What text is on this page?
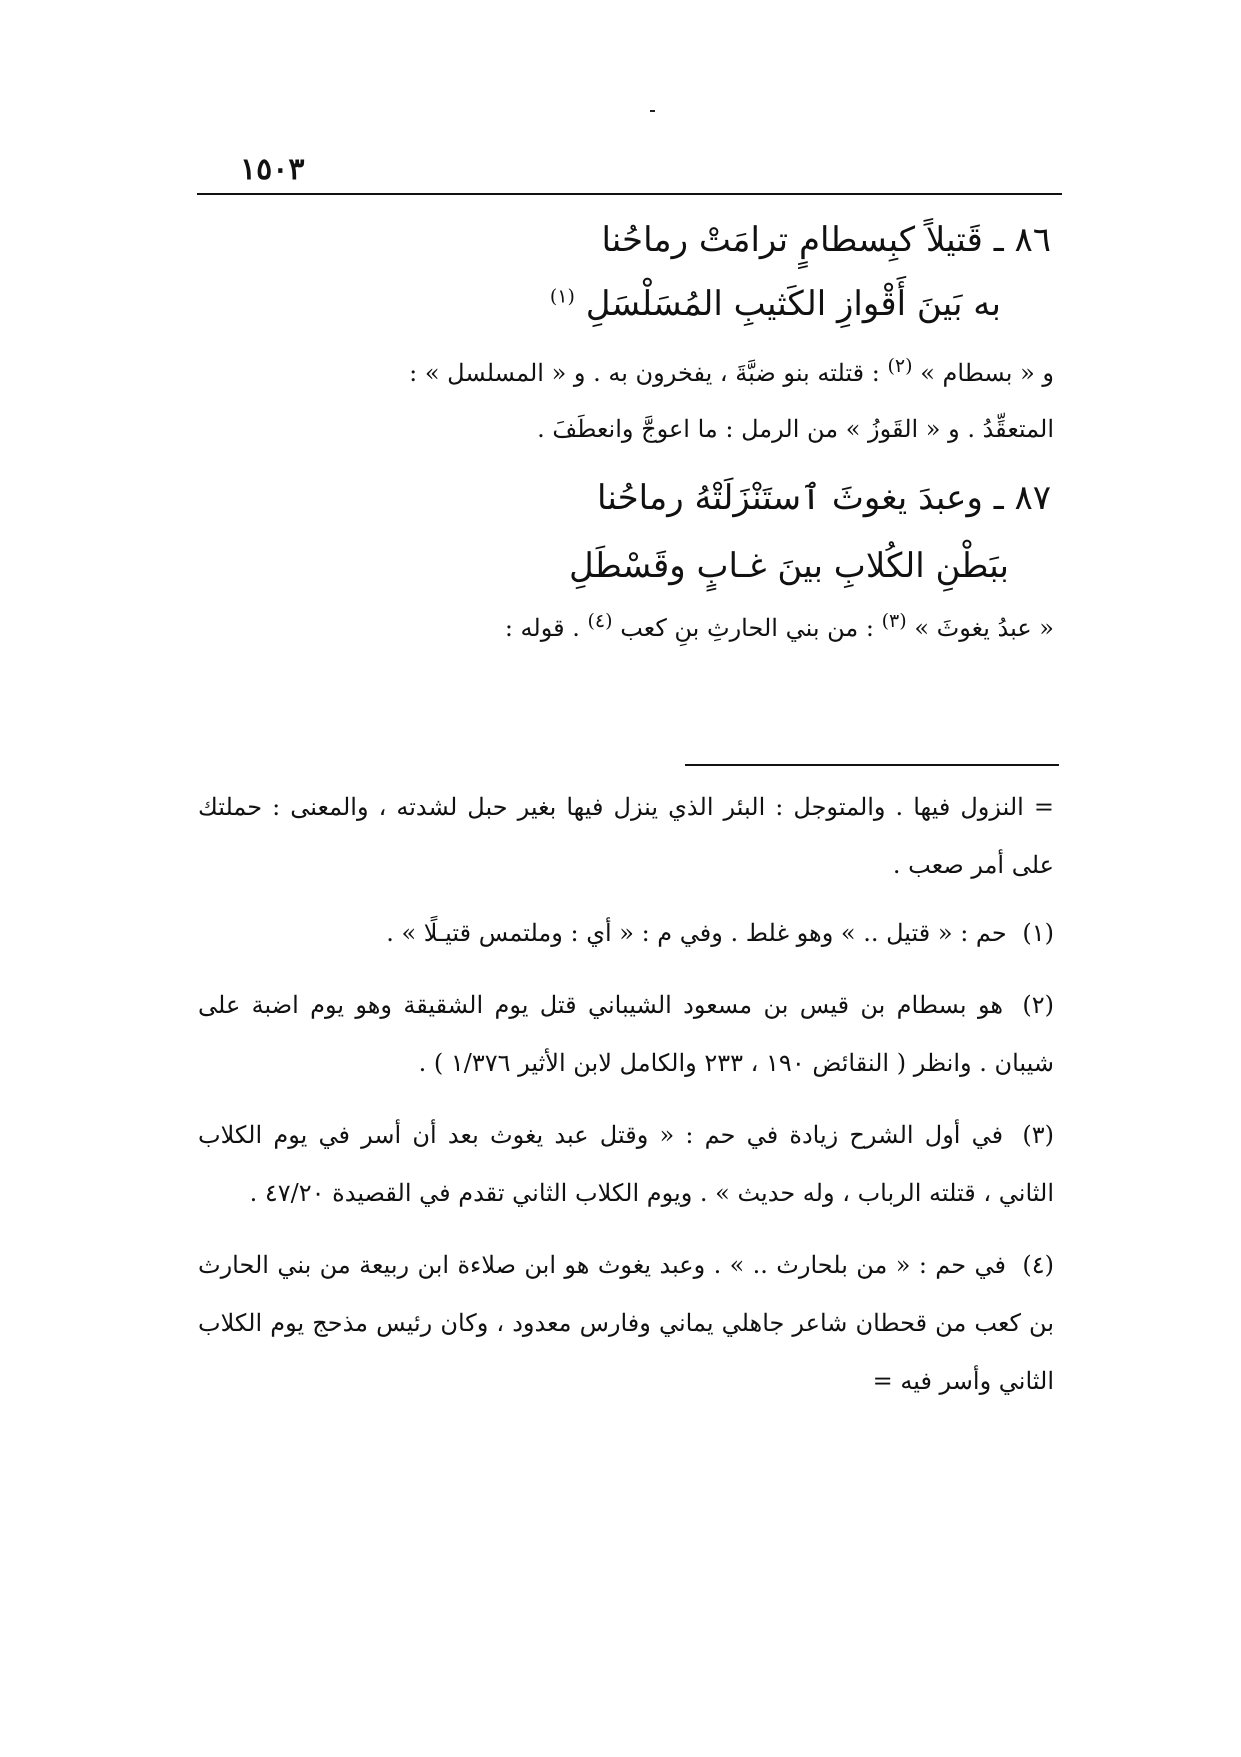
١٥٠٣
٨٦ ـ قَتيلاً كبِسطامٍ ترامَتْ رماحُنا
به بَينَ أَقْوازِ الكَثيبِ المُسَلْسَلِ $^{(١)}$
و « بسطام » $^{(٢)}$ : قتلته بنو ضبَّةَ ، يفخرون به . و « المسلسل » :
المتعقِّدُ . و « القَوزُ » من الرمل : ما اعوجَّ وانعطَفَ .
٨٧ ـ وعبدَ يغوثَ ٱستَنْزَلَتْهُ رماحُنا
ببَطْنِ الكُلابِ بينَ غـابٍ وقَسْطَلِ
« عبدُ يغوثَ » $^{(٣)}$ : من بني الحارثِ بنِ كعب $^{(٤)}$ . قوله :
= النزول فيها . والمتوجل : البئر الذي ينزل فيها بغير حبل لشدته ، والمعنى : حملتك على أمر صعب .
(١) حم : « قتيل .. » وهو غلط . وفي م : « أي : وملتمس قتيـلًا » .
(٢) هو بسطام بن قيس بن مسعود الشيباني قتل يوم الشقيقة وهو يوم اضبة على شيبان . وانظر ( النقائض ١٩٠ ، ٢٣٣ والكامل لابن الأثير ١/٣٧٦ ) .
(٣) في أول الشرح زيادة في حم : « وقتل عبد يغوث بعد أن أسر في يوم الكلاب الثاني ، قتلته الرباب ، وله حديث » . ويوم الكلاب الثاني تقدم في القصيدة ٤٧/٢٠ .
(٤) في حم : « من بلحارث .. » . وعبد يغوث هو ابن صلاءة ابن ربيعة من بني الحارث بن كعب من قحطان شاعر جاهلي يماني وفارس معدود ، وكان رئيس مذحج يوم الكلاب الثاني وأسر فيه =
